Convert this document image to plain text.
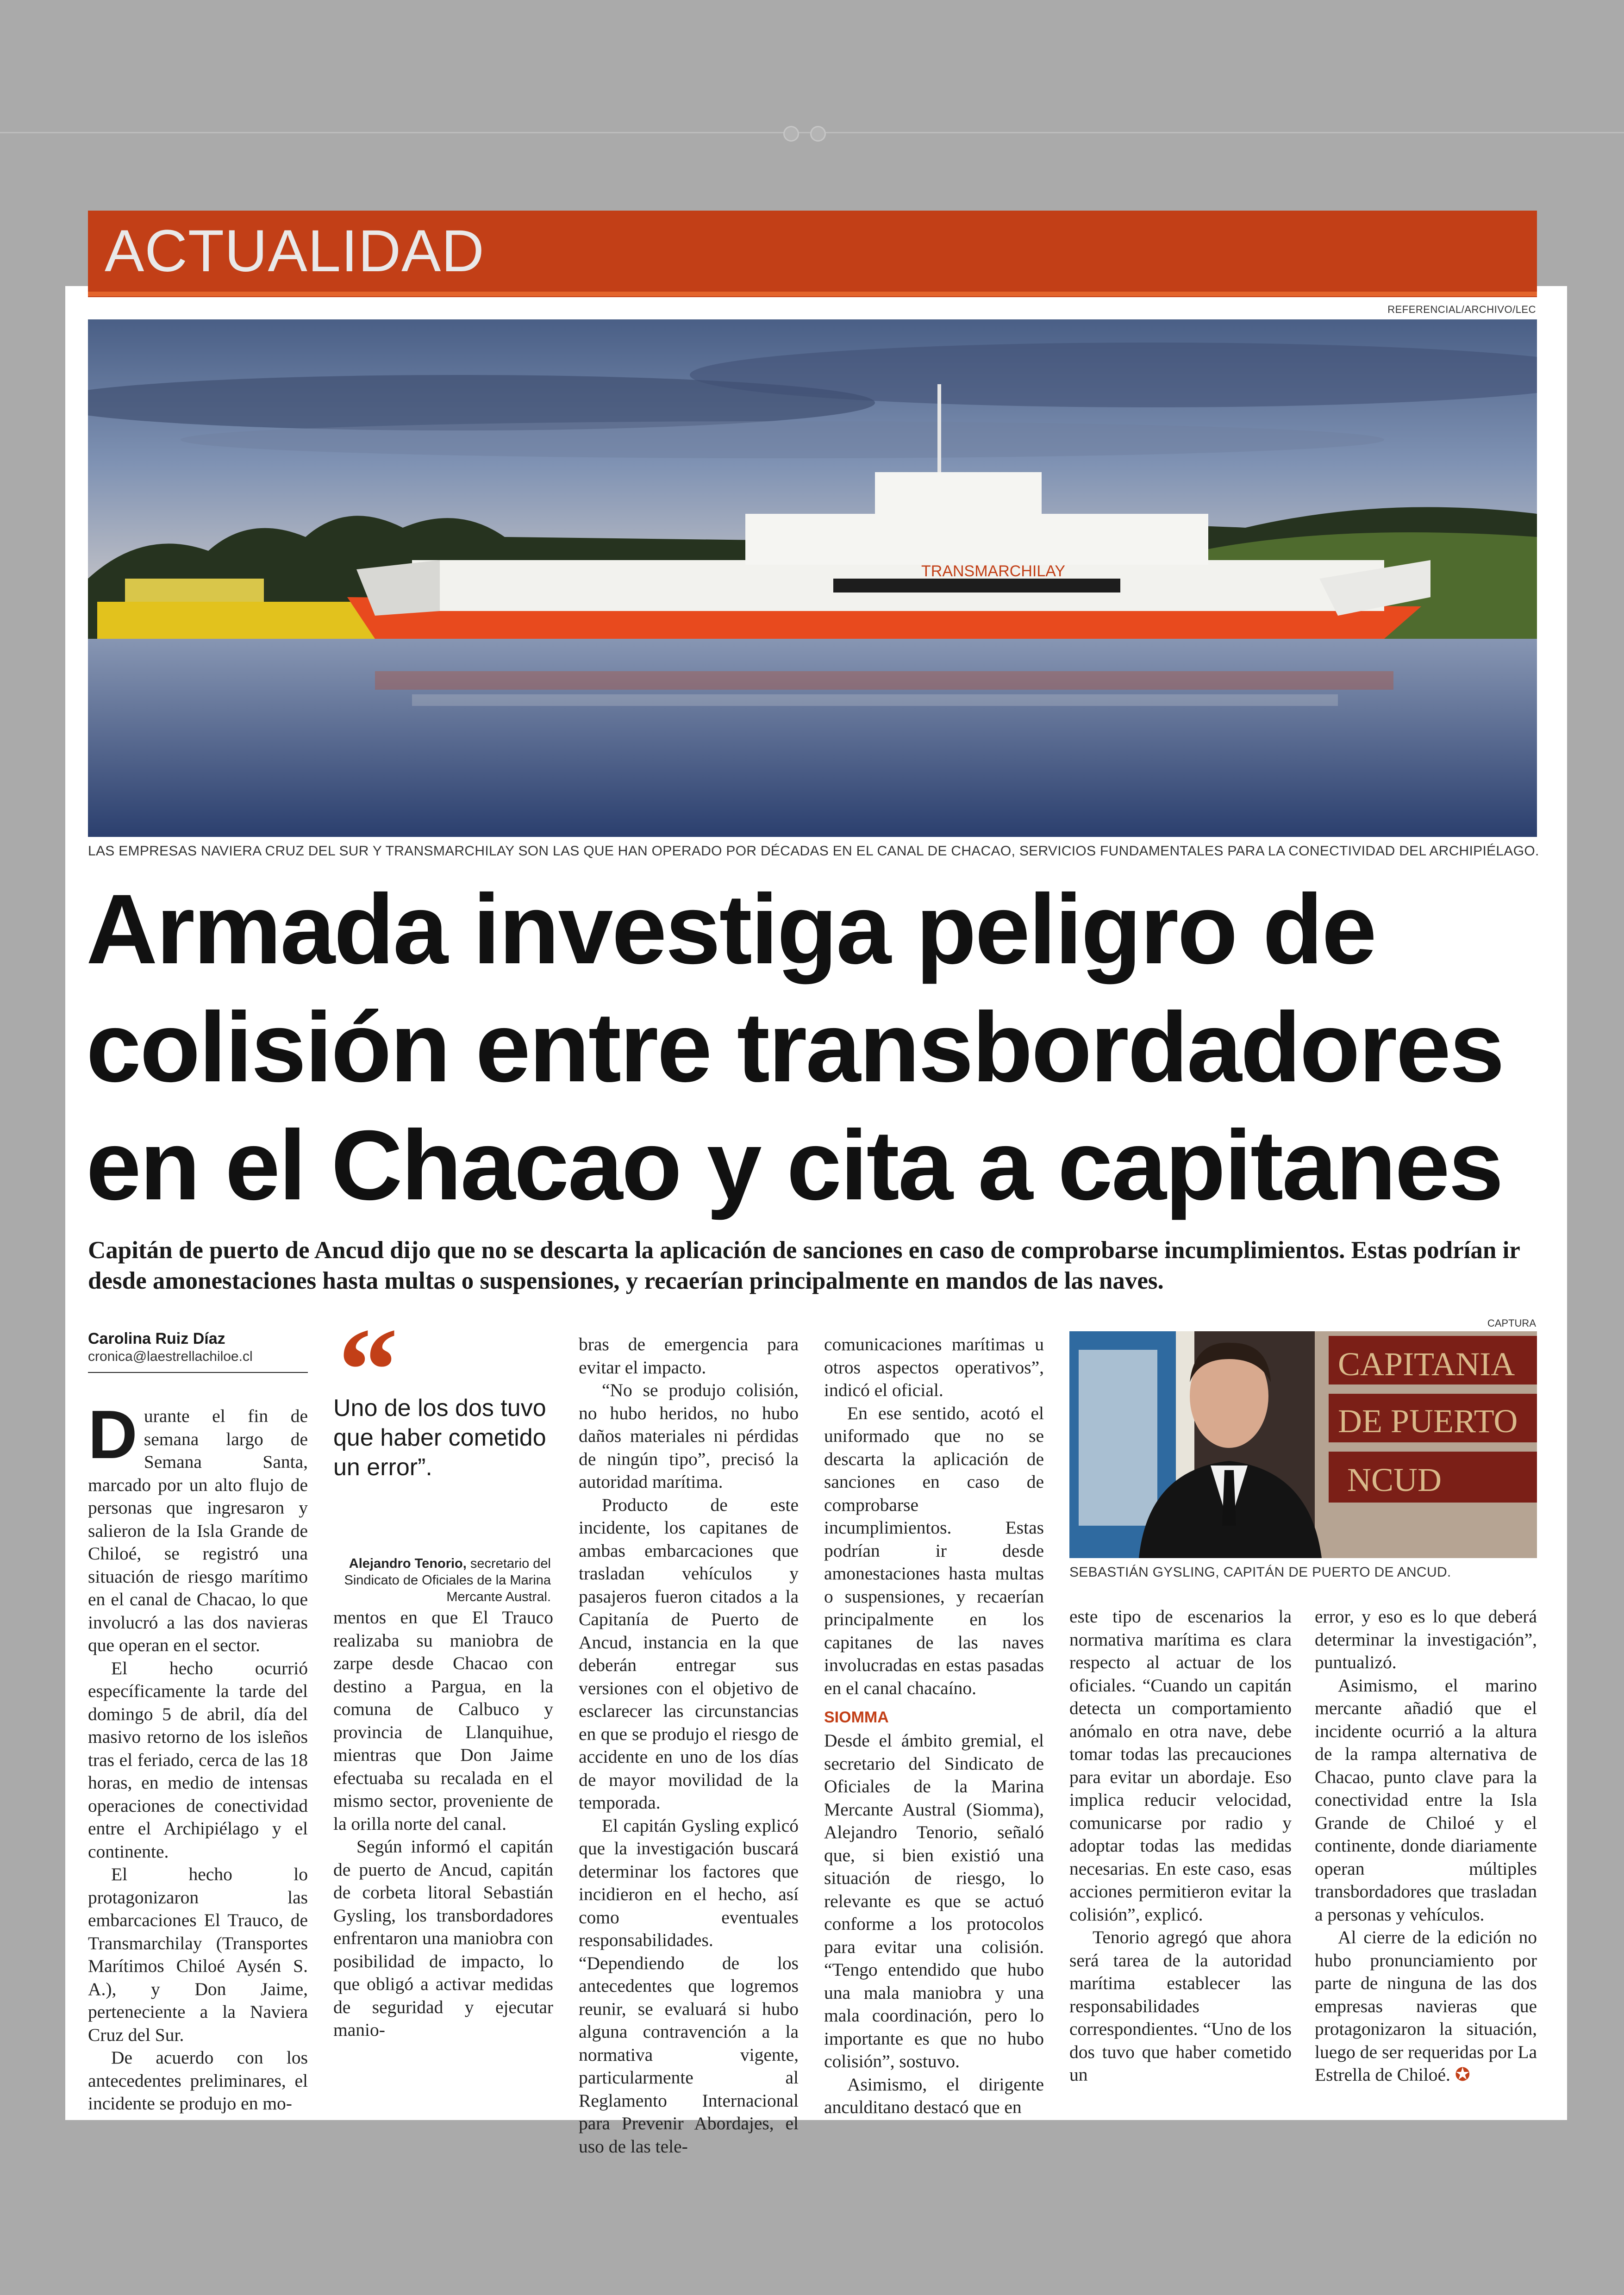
ACTUALIDAD
REFERENCIAL/ARCHIVO/LEC
TRANSMARCHILAY
LAS EMPRESAS NAVIERA CRUZ DEL SUR Y TRANSMARCHILAY SON LAS QUE HAN OPERADO POR DÉCADAS EN EL CANAL DE CHACAO, SERVICIOS FUNDAMENTALES PARA LA CONECTIVIDAD DEL ARCHIPIÉLAGO.
Armada investiga peligro de
colisión entre transbordadores
en el Chacao y cita a capitanes
Capitán de puerto de Ancud dijo que no se descarta la aplicación de sanciones en caso de comprobarse incumplimientos. Estas podrían ir desde amonestaciones hasta multas o suspensiones, y recaerían principalmente en mandos de las naves.
Carolina Ruiz Díaz
cronica@laestrellachiloe.cl “
Uno de los dos tuvo que haber cometido un error”.
Alejandro Tenorio, secretario del Sindicato de Oficiales de la Marina Mercante Austral.

Durante el fin de semana largo de Semana Santa, marcado por un alto flujo de personas que ingresaron y salieron de la Isla Grande de Chiloé, se registró una situación de riesgo marítimo en el canal de Chacao, lo que involucró a las dos navieras que operan en el sector.

El hecho ocurrió específicamente la tarde del domingo 5 de abril, día del masivo retorno de los isleños tras el feriado, cerca de las 18 horas, en medio de intensas operaciones de conectividad entre el Archipiélago y el continente.

El hecho lo protagonizaron las embarcaciones El Trauco, de Transmarchilay (Transportes Marítimos Chiloé Aysén S. A.), y Don Jaime, perteneciente a la Naviera Cruz del Sur.

De acuerdo con los antecedentes preliminares, el incidente se produjo en mo-

mentos en que El Trauco realizaba su maniobra de zarpe desde Chacao con destino a Pargua, en la comuna de Calbuco y provincia de Llanquihue, mientras que Don Jaime efectuaba su recalada en el mismo sector, proveniente de la orilla norte del canal.

Según informó el capitán de puerto de Ancud, capitán de corbeta litoral Sebastián Gysling, los transbordadores enfrentaron una maniobra con posibilidad de impacto, lo que obligó a activar medidas de seguridad y ejecutar manio-

bras de emergencia para evitar el impacto.

“No se produjo colisión, no hubo heridos, no hubo daños materiales ni pérdidas de ningún tipo”, precisó la autoridad marítima.

Producto de este incidente, los capitanes de ambas embarcaciones que trasladan vehículos y pasajeros fueron citados a la Capitanía de Puerto de Ancud, instancia en la que deberán entregar sus versiones con el objetivo de esclarecer las circunstancias en que se produjo el riesgo de accidente en uno de los días de mayor movilidad de la temporada.

El capitán Gysling explicó que la investigación buscará determinar los factores que incidieron en el hecho, así como eventuales responsabilidades. “Dependiendo de los antecedentes que logremos reunir, se evaluará si hubo alguna contravención a la normativa vigente, particularmente al Reglamento Internacional para Prevenir Abordajes, el uso de las tele-

comunicaciones marítimas u otros aspectos operativos”, indicó el oficial.

En ese sentido, acotó el uniformado que no se descarta la aplicación de sanciones en caso de comprobarse incumplimientos. Estas podrían ir desde amonestaciones hasta multas o suspensiones, y recaerían principalmente en los capitanes de las naves involucradas en estas pasadas en el canal chacaíno.

SIOMMA

Desde el ámbito gremial, el secretario del Sindicato de Oficiales de la Marina Mercante Austral (Siomma), Alejandro Tenorio, señaló que, si bien existió una situación de riesgo, lo relevante es que se actuó conforme a los protocolos para evitar una colisión. “Tengo entendido que hubo una mala maniobra y una mala coordinación, pero lo importante es que no hubo colisión”, sostuvo.

Asimismo, el dirigente anculditano destacó que en

CAPTURA
CAPITANIA
DE PUERTO
NCUD
SEBASTIÁN GYSLING, CAPITÁN DE PUERTO DE ANCUD.

este tipo de escenarios la normativa marítima es clara respecto al actuar de los oficiales. “Cuando un capitán detecta un comportamiento anómalo en otra nave, debe tomar todas las precauciones para evitar un abordaje. Eso implica reducir velocidad, comunicarse por radio y adoptar todas las medidas necesarias. En este caso, esas acciones permitieron evitar la colisión”, explicó.

Tenorio agregó que ahora será tarea de la autoridad marítima establecer las responsabilidades correspondientes. “Uno de los dos tuvo que haber cometido un

error, y eso es lo que deberá determinar la investigación”, puntualizó.

Asimismo, el marino mercante añadió que el incidente ocurrió a la altura de la rampa alternativa de Chacao, punto clave para la conectividad entre la Isla Grande de Chiloé y el continente, donde diariamente operan múltiples transbordadores que trasladan a personas y vehículos.

Al cierre de la edición no hubo pronunciamiento por parte de ninguna de las dos empresas navieras que protagonizaron la situación, luego de ser requeridas por La Estrella de Chiloé. ✪
